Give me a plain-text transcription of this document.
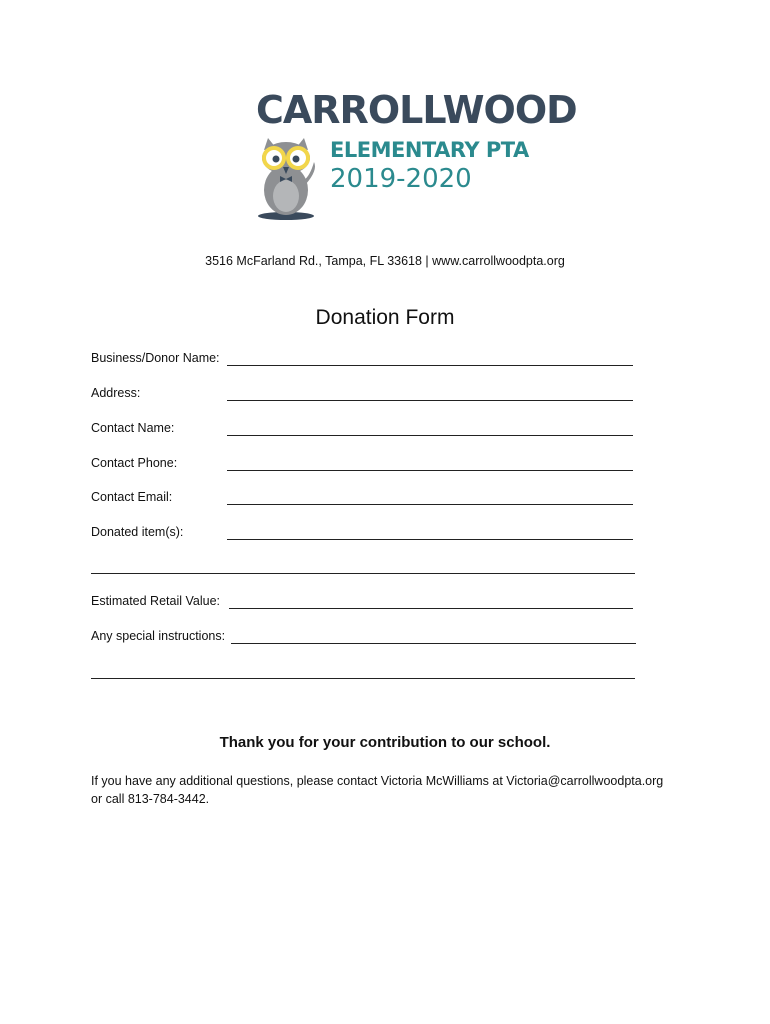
CARROLLWOOD
ELEMENTARY PTA
2019-2020
3516 McFarland Rd., Tampa, FL 33618 | www.carrollwoodpta.org
Donation Form
Business/Donor Name:
Address:
Contact Name:
Contact Phone:
Contact Email:
Donated item(s):
Estimated Retail Value:
Any special instructions:
Thank you for your contribution to our school.
If you have any additional questions, please contact Victoria McWilliams at Victoria@carrollwoodpta.org
or call 813-784-3442.
